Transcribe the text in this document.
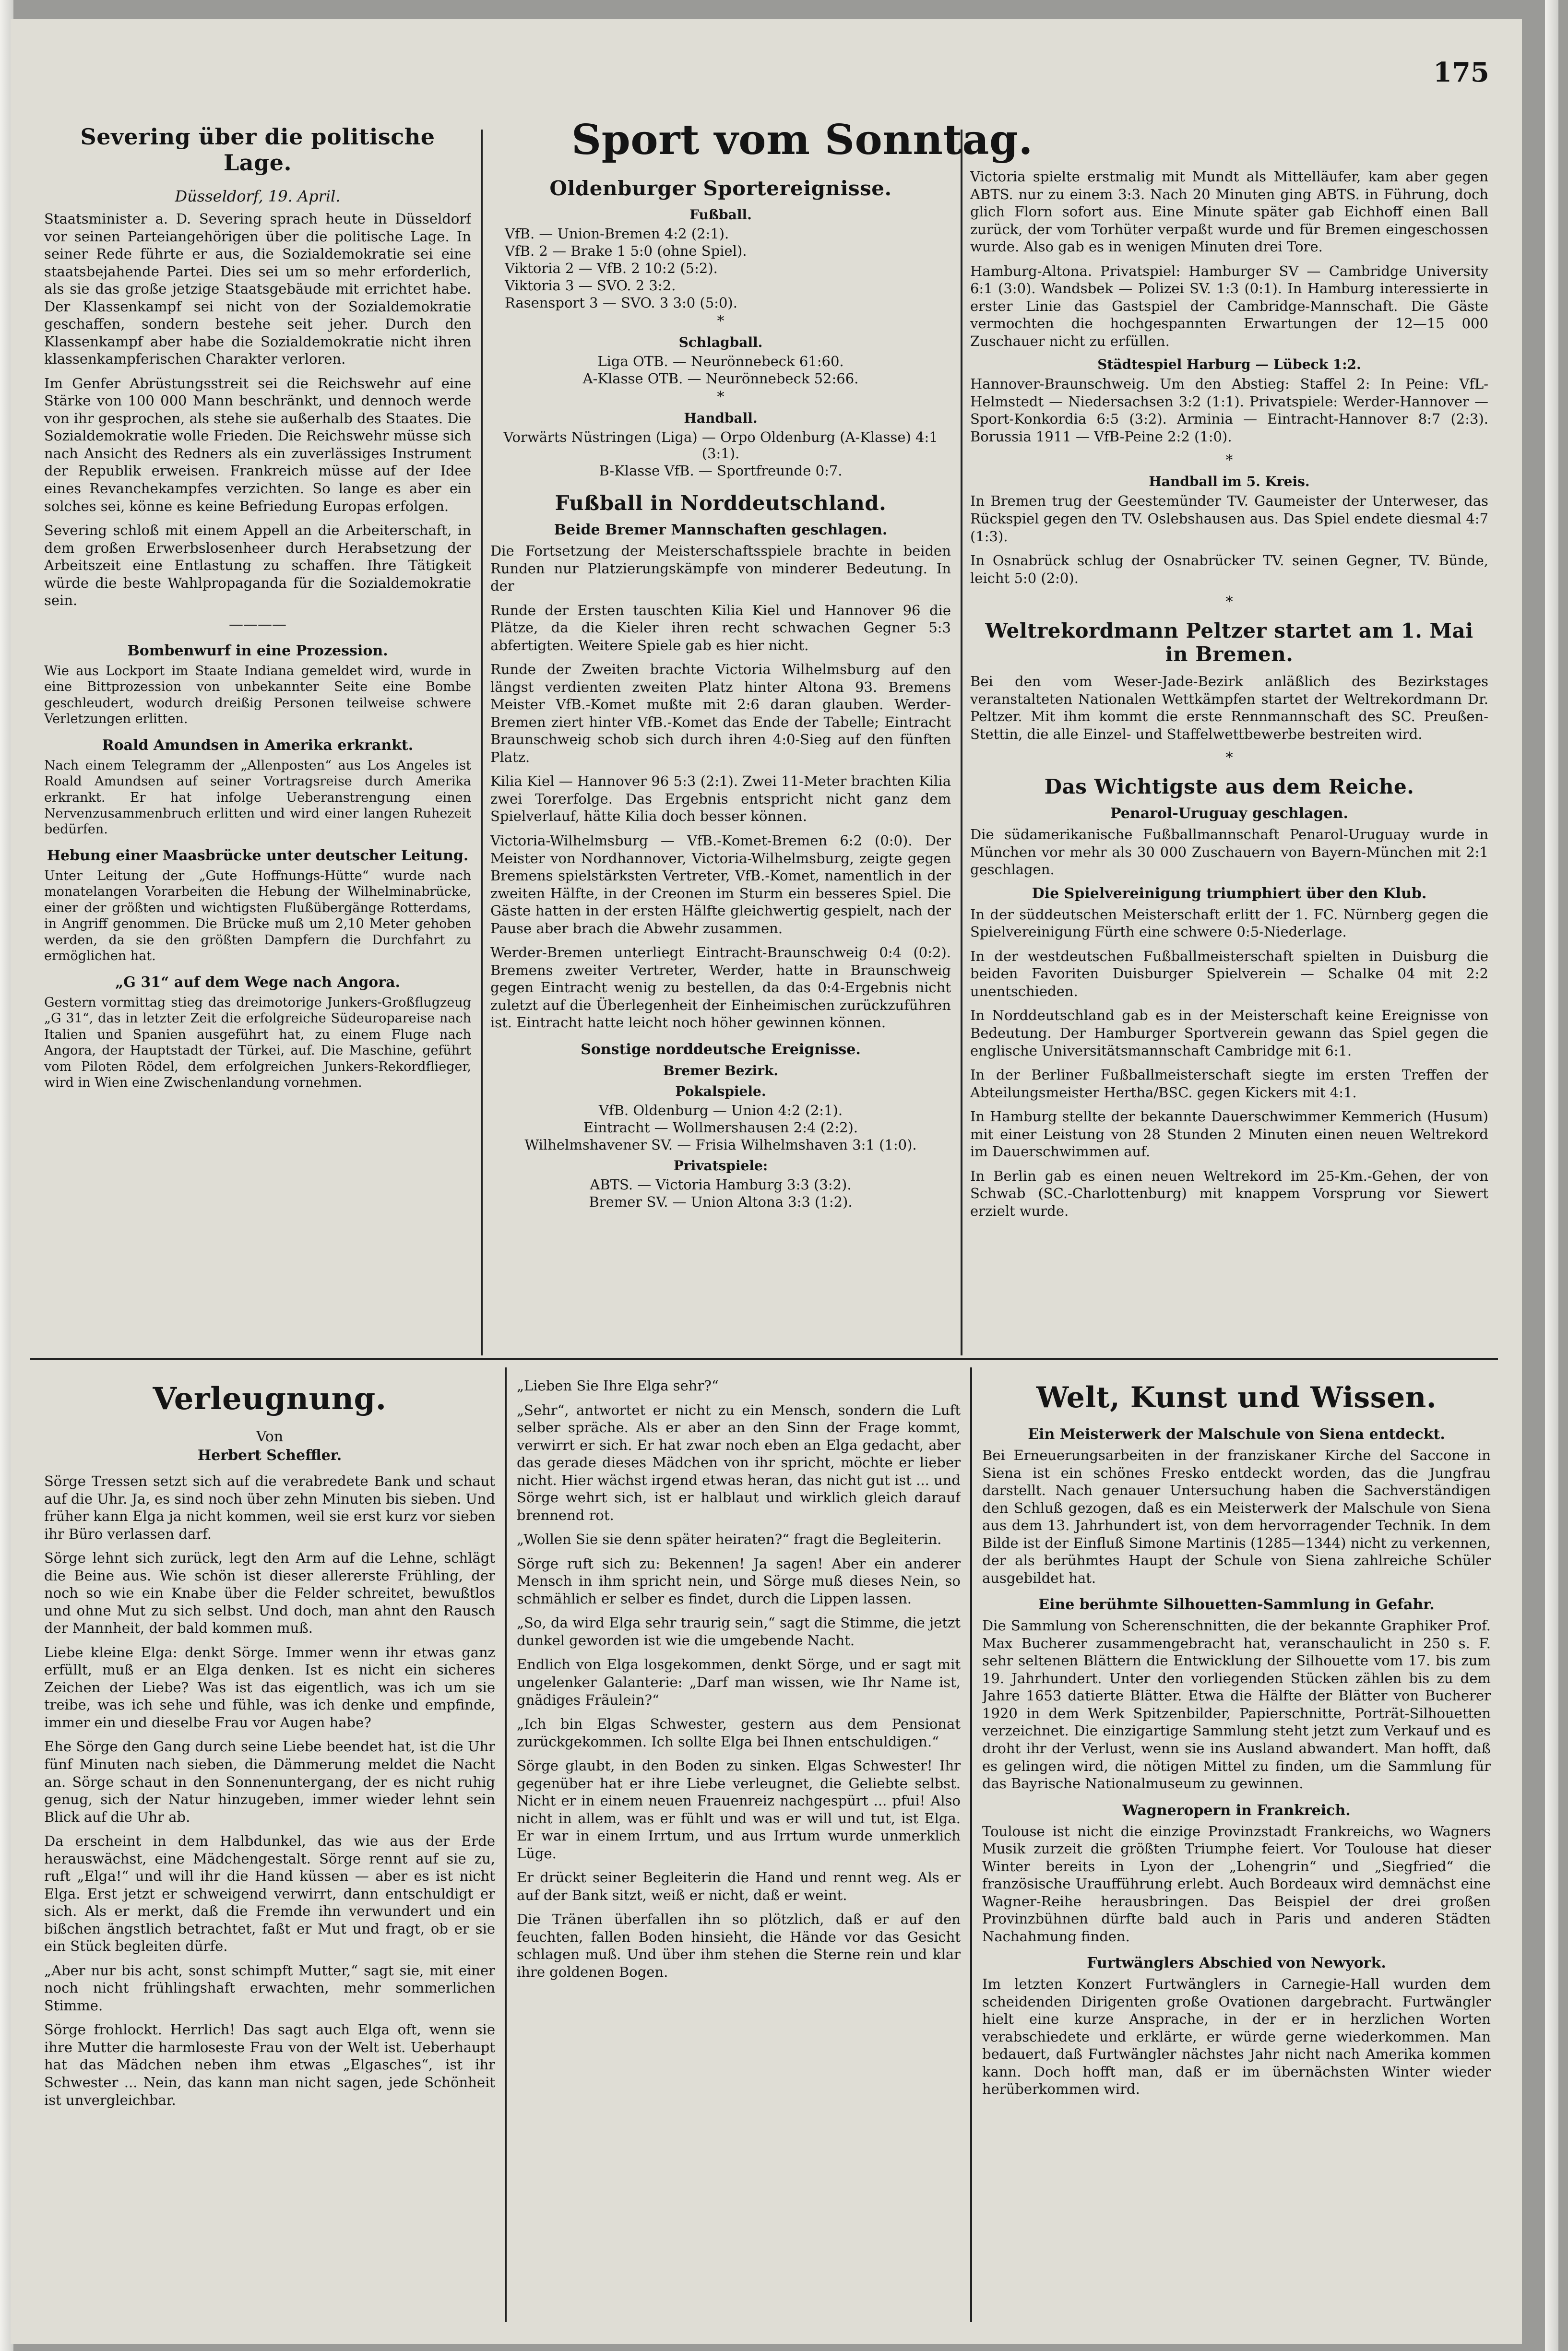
175
Severing über die politische Lage.
Düsseldorf, 19. April.

Staatsminister a. D. Severing sprach heute in Düsseldorf vor seinen Parteiangehörigen über die politische Lage. In seiner Rede führte er aus, die Sozialdemokratie sei eine staatsbejahende Partei. Dies sei um so mehr erforderlich, als sie das große jetzige Staatsgebäude mit errichtet habe. Der Klassenkampf sei nicht von der Sozialdemokratie geschaffen, sondern bestehe seit jeher. Durch den Klassenkampf aber habe die Sozialdemokratie nicht ihren klassenkampferischen Charakter verloren.

Im Genfer Abrüstungsstreit sei die Reichswehr auf eine Stärke von 100 000 Mann beschränkt, und dennoch werde von ihr gesprochen, als stehe sie außerhalb des Staates. Die Sozialdemokratie wolle Frieden. Die Reichswehr müsse sich nach Ansicht des Redners als ein zuverlässiges Instrument der Republik erweisen. Frankreich müsse auf der Idee eines Revanchekampfes verzichten. So lange es aber ein solches sei, könne es keine Befriedung Europas erfolgen.

Severing schloß mit einem Appell an die Arbeiterschaft, in dem großen Erwerbslosenheer durch Herabsetzung der Arbeitszeit eine Entlastung zu schaffen. Ihre Tätigkeit würde die beste Wahlpropaganda für die Sozialdemokratie sein.

————
Bombenwurf in eine Prozession.

Wie aus Lockport im Staate Indiana gemeldet wird, wurde in eine Bittprozession von unbekannter Seite eine Bombe geschleudert, wodurch dreißig Personen teilweise schwere Verletzungen erlitten.

Roald Amundsen in Amerika erkrankt.

Nach einem Telegramm der „Allenposten“ aus Los Angeles ist Roald Amundsen auf seiner Vortragsreise durch Amerika erkrankt. Er hat infolge Ueberanstrengung einen Nervenzusammenbruch erlitten und wird einer langen Ruhezeit bedürfen.

Hebung einer Maasbrücke unter deutscher Leitung.

Unter Leitung der „Gute Hoffnungs-Hütte“ wurde nach monatelangen Vorarbeiten die Hebung der Wilhelminabrücke, einer der größten und wichtigsten Flußübergänge Rotterdams, in Angriff genommen. Die Brücke muß um 2,10 Meter gehoben werden, da sie den größten Dampfern die Durchfahrt zu ermöglichen hat.

„G 31“ auf dem Wege nach Angora.

Gestern vormittag stieg das dreimotorige Junkers-Großflugzeug „G 31“, das in letzter Zeit die erfolgreiche Südeuropareise nach Italien und Spanien ausgeführt hat, zu einem Fluge nach Angora, der Hauptstadt der Türkei, auf. Die Maschine, geführt vom Piloten Rödel, dem erfolgreichen Junkers-Rekordflieger, wird in Wien eine Zwischenlandung vornehmen.

Sport vom Sonntag.
Oldenburger Sportereignisse.
Fußball.
VfB. — Union-Bremen 4:2 (2:1).
VfB. 2 — Brake 1 5:0 (ohne Spiel).
Viktoria 2 — VfB. 2 10:2 (5:2).
Viktoria 3 — SVO. 2 3:2.
Rasensport 3 — SVO. 3 3:0 (5:0).
*
Schlagball.
Liga OTB. — Neurönnebeck 61:60.
A-Klasse OTB. — Neurönnebeck 52:66.
*
Handball.
Vorwärts Nüstringen (Liga) — Orpo Oldenburg (A-Klasse) 4:1 (3:1).
B-Klasse VfB. — Sportfreunde 0:7.
Fußball in Norddeutschland.
Beide Bremer Mannschaften geschlagen.

Die Fortsetzung der Meisterschaftsspiele brachte in beiden Runden nur Platzierungskämpfe von minderer Bedeutung. In der

Runde der Ersten tauschten Kilia Kiel und Hannover 96 die Plätze, da die Kieler ihren recht schwachen Gegner 5:3 abfertigten. Weitere Spiele gab es hier nicht.

Runde der Zweiten brachte Victoria Wilhelmsburg auf den längst verdienten zweiten Platz hinter Altona 93. Bremens Meister VfB.-Komet mußte mit 2:6 daran glauben. Werder-Bremen ziert hinter VfB.-Komet das Ende der Tabelle; Eintracht Braunschweig schob sich durch ihren 4:0-Sieg auf den fünften Platz.

Kilia Kiel — Hannover 96 5:3 (2:1). Zwei 11-Meter brachten Kilia zwei Torerfolge. Das Ergebnis entspricht nicht ganz dem Spielverlauf, hätte Kilia doch besser können.

Victoria-Wilhelmsburg — VfB.-Komet-Bremen 6:2 (0:0). Der Meister von Nordhannover, Victoria-Wilhelmsburg, zeigte gegen Bremens spielstärksten Vertreter, VfB.-Komet, namentlich in der zweiten Hälfte, in der Creonen im Sturm ein besseres Spiel. Die Gäste hatten in der ersten Hälfte gleichwertig gespielt, nach der Pause aber brach die Abwehr zusammen.

Werder-Bremen unterliegt Eintracht-Braunschweig 0:4 (0:2). Bremens zweiter Vertreter, Werder, hatte in Braunschweig gegen Eintracht wenig zu bestellen, da das 0:4-Ergebnis nicht zuletzt auf die Überlegenheit der Einheimischen zurückzuführen ist. Eintracht hatte leicht noch höher gewinnen können.

Sonstige norddeutsche Ereignisse.
Bremer Bezirk.
Pokalspiele.
VfB. Oldenburg — Union 4:2 (2:1).
Eintracht — Wollmershausen 2:4 (2:2).
Wilhelmshavener SV. — Frisia Wilhelmshaven 3:1 (1:0).
Privatspiele:
ABTS. — Victoria Hamburg 3:3 (3:2).
Bremer SV. — Union Altona 3:3 (1:2).

Victoria spielte erstmalig mit Mundt als Mittelläufer, kam aber gegen ABTS. nur zu einem 3:3. Nach 20 Minuten ging ABTS. in Führung, doch glich Florn sofort aus. Eine Minute später gab Eichhoff einen Ball zurück, der vom Torhüter verpaßt wurde und für Bremen eingeschossen wurde. Also gab es in wenigen Minuten drei Tore.

Hamburg-Altona. Privatspiel: Hamburger SV — Cambridge University 6:1 (3:0). Wandsbek — Polizei SV. 1:3 (0:1). In Hamburg interessierte in erster Linie das Gastspiel der Cambridge-Mannschaft. Die Gäste vermochten die hochgespannten Erwartungen der 12—15 000 Zuschauer nicht zu erfüllen.

Städtespiel Harburg — Lübeck 1:2.

Hannover-Braunschweig. Um den Abstieg: Staffel 2: In Peine: VfL-Helmstedt — Niedersachsen 3:2 (1:1). Privatspiele: Werder-Hannover — Sport-Konkordia 6:5 (3:2). Arminia — Eintracht-Hannover 8:7 (2:3). Borussia 1911 — VfB-Peine 2:2 (1:0).

*
Handball im 5. Kreis.

In Bremen trug der Geestemünder TV. Gaumeister der Unterweser, das Rückspiel gegen den TV. Oslebshausen aus. Das Spiel endete diesmal 4:7 (1:3).

In Osnabrück schlug der Osnabrücker TV. seinen Gegner, TV. Bünde, leicht 5:0 (2:0).

*
Weltrekordmann Peltzer startet am 1. Mai in Bremen.

Bei den vom Weser-Jade-Bezirk anläßlich des Bezirkstages veranstalteten Nationalen Wettkämpfen startet der Weltrekordmann Dr. Peltzer. Mit ihm kommt die erste Rennmannschaft des SC. Preußen-Stettin, die alle Einzel- und Staffelwettbewerbe bestreiten wird.

*
Das Wichtigste aus dem Reiche.
Penarol-Uruguay geschlagen.

Die südamerikanische Fußballmannschaft Penarol-Uruguay wurde in München vor mehr als 30 000 Zuschauern von Bayern-München mit 2:1 geschlagen.

Die Spielvereinigung triumphiert über den Klub.

In der süddeutschen Meisterschaft erlitt der 1. FC. Nürnberg gegen die Spielvereinigung Fürth eine schwere 0:5-Niederlage.

In der westdeutschen Fußballmeisterschaft spielten in Duisburg die beiden Favoriten Duisburger Spielverein — Schalke 04 mit 2:2 unentschieden.

In Norddeutschland gab es in der Meisterschaft keine Ereignisse von Bedeutung. Der Hamburger Sportverein gewann das Spiel gegen die englische Universitätsmannschaft Cambridge mit 6:1.

In der Berliner Fußballmeisterschaft siegte im ersten Treffen der Abteilungsmeister Hertha/BSC. gegen Kickers mit 4:1.

In Hamburg stellte der bekannte Dauerschwimmer Kemmerich (Husum) mit einer Leistung von 28 Stunden 2 Minuten einen neuen Weltrekord im Dauerschwimmen auf.

In Berlin gab es einen neuen Weltrekord im 25-Km.-Gehen, der von Schwab (SC.-Charlottenburg) mit knappem Vorsprung vor Siewert erzielt wurde.

Verleugnung.
Von
Herbert Scheffler.

Sörge Tressen setzt sich auf die verabredete Bank und schaut auf die Uhr. Ja, es sind noch über zehn Minuten bis sieben. Und früher kann Elga ja nicht kommen, weil sie erst kurz vor sieben ihr Büro verlassen darf.

Sörge lehnt sich zurück, legt den Arm auf die Lehne, schlägt die Beine aus. Wie schön ist dieser allererste Frühling, der noch so wie ein Knabe über die Felder schreitet, bewußtlos und ohne Mut zu sich selbst. Und doch, man ahnt den Rausch der Mannheit, der bald kommen muß.

Liebe kleine Elga: denkt Sörge. Immer wenn ihr etwas ganz erfüllt, muß er an Elga denken. Ist es nicht ein sicheres Zeichen der Liebe? Was ist das eigentlich, was ich um sie treibe, was ich sehe und fühle, was ich denke und empfinde, immer ein und dieselbe Frau vor Augen habe?

Ehe Sörge den Gang durch seine Liebe beendet hat, ist die Uhr fünf Minuten nach sieben, die Dämmerung meldet die Nacht an. Sörge schaut in den Sonnenuntergang, der es nicht ruhig genug, sich der Natur hinzugeben, immer wieder lehnt sein Blick auf die Uhr ab.

Da erscheint in dem Halbdunkel, das wie aus der Erde herauswächst, eine Mädchengestalt. Sörge rennt auf sie zu, ruft „Elga!“ und will ihr die Hand küssen — aber es ist nicht Elga. Erst jetzt er schweigend verwirrt, dann entschuldigt er sich. Als er merkt, daß die Fremde ihn verwundert und ein bißchen ängstlich betrachtet, faßt er Mut und fragt, ob er sie ein Stück begleiten dürfe.

„Aber nur bis acht, sonst schimpft Mutter,“ sagt sie, mit einer noch nicht frühlingshaft erwachten, mehr sommerlichen Stimme.

Sörge frohlockt. Herrlich! Das sagt auch Elga oft, wenn sie ihre Mutter die harmloseste Frau von der Welt ist. Ueberhaupt hat das Mädchen neben ihm etwas „Elgasches“, ist ihr Schwester ... Nein, das kann man nicht sagen, jede Schönheit ist unvergleichbar.

„Lieben Sie Ihre Elga sehr?“

„Sehr“, antwortet er nicht zu ein Mensch, sondern die Luft selber spräche. Als er aber an den Sinn der Frage kommt, verwirrt er sich. Er hat zwar noch eben an Elga gedacht, aber das gerade dieses Mädchen von ihr spricht, möchte er lieber nicht. Hier wächst irgend etwas heran, das nicht gut ist ... und Sörge wehrt sich, ist er halblaut und wirklich gleich darauf brennend rot.

„Wollen Sie sie denn später heiraten?“ fragt die Begleiterin.

Sörge ruft sich zu: Bekennen! Ja sagen! Aber ein anderer Mensch in ihm spricht nein, und Sörge muß dieses Nein, so schmählich er selber es findet, durch die Lippen lassen.

„So, da wird Elga sehr traurig sein,“ sagt die Stimme, die jetzt dunkel geworden ist wie die umgebende Nacht.

Endlich von Elga losgekommen, denkt Sörge, und er sagt mit ungelenker Galanterie: „Darf man wissen, wie Ihr Name ist, gnädiges Fräulein?“

„Ich bin Elgas Schwester, gestern aus dem Pensionat zurückgekommen. Ich sollte Elga bei Ihnen entschuldigen.“

Sörge glaubt, in den Boden zu sinken. Elgas Schwester! Ihr gegenüber hat er ihre Liebe verleugnet, die Geliebte selbst. Nicht er in einem neuen Frauenreiz nachgespürt ... pfui! Also nicht in allem, was er fühlt und was er will und tut, ist Elga. Er war in einem Irrtum, und aus Irrtum wurde unmerklich Lüge.

Er drückt seiner Begleiterin die Hand und rennt weg. Als er auf der Bank sitzt, weiß er nicht, daß er weint.

Die Tränen überfallen ihn so plötzlich, daß er auf den feuchten, fallen Boden hinsieht, die Hände vor das Gesicht schlagen muß. Und über ihm stehen die Sterne rein und klar ihre goldenen Bogen.

Welt, Kunst und Wissen.
Ein Meisterwerk der Malschule von Siena entdeckt.

Bei Erneuerungsarbeiten in der franziskaner Kirche del Saccone in Siena ist ein schönes Fresko entdeckt worden, das die Jungfrau darstellt. Nach genauer Untersuchung haben die Sachverständigen den Schluß gezogen, daß es ein Meisterwerk der Malschule von Siena aus dem 13. Jahrhundert ist, von dem hervorragender Technik. In dem Bilde ist der Einfluß Simone Martinis (1285—1344) nicht zu verkennen, der als berühmtes Haupt der Schule von Siena zahlreiche Schüler ausgebildet hat.

Eine berühmte Silhouetten-Sammlung in Gefahr.

Die Sammlung von Scherenschnitten, die der bekannte Graphiker Prof. Max Bucherer zusammengebracht hat, veranschaulicht in 250 s. F. sehr seltenen Blättern die Entwicklung der Silhouette vom 17. bis zum 19. Jahrhundert. Unter den vorliegenden Stücken zählen bis zu dem Jahre 1653 datierte Blätter. Etwa die Hälfte der Blätter von Bucherer 1920 in dem Werk Spitzenbilder, Papierschnitte, Porträt-Silhouetten verzeichnet. Die einzigartige Sammlung steht jetzt zum Verkauf und es droht ihr der Verlust, wenn sie ins Ausland abwandert. Man hofft, daß es gelingen wird, die nötigen Mittel zu finden, um die Sammlung für das Bayrische Nationalmuseum zu gewinnen.

Wagneropern in Frankreich.

Toulouse ist nicht die einzige Provinzstadt Frankreichs, wo Wagners Musik zurzeit die größten Triumphe feiert. Vor Toulouse hat dieser Winter bereits in Lyon der „Lohengrin“ und „Siegfried“ die französische Uraufführung erlebt. Auch Bordeaux wird demnächst eine Wagner-Reihe herausbringen. Das Beispiel der drei großen Provinzbühnen dürfte bald auch in Paris und anderen Städten Nachahmung finden.

Furtwänglers Abschied von Newyork.

Im letzten Konzert Furtwänglers in Carnegie-Hall wurden dem scheidenden Dirigenten große Ovationen dargebracht. Furtwängler hielt eine kurze Ansprache, in der er in herzlichen Worten verabschiedete und erklärte, er würde gerne wiederkommen. Man bedauert, daß Furtwängler nächstes Jahr nicht nach Amerika kommen kann. Doch hofft man, daß er im übernächsten Winter wieder herüberkommen wird.
